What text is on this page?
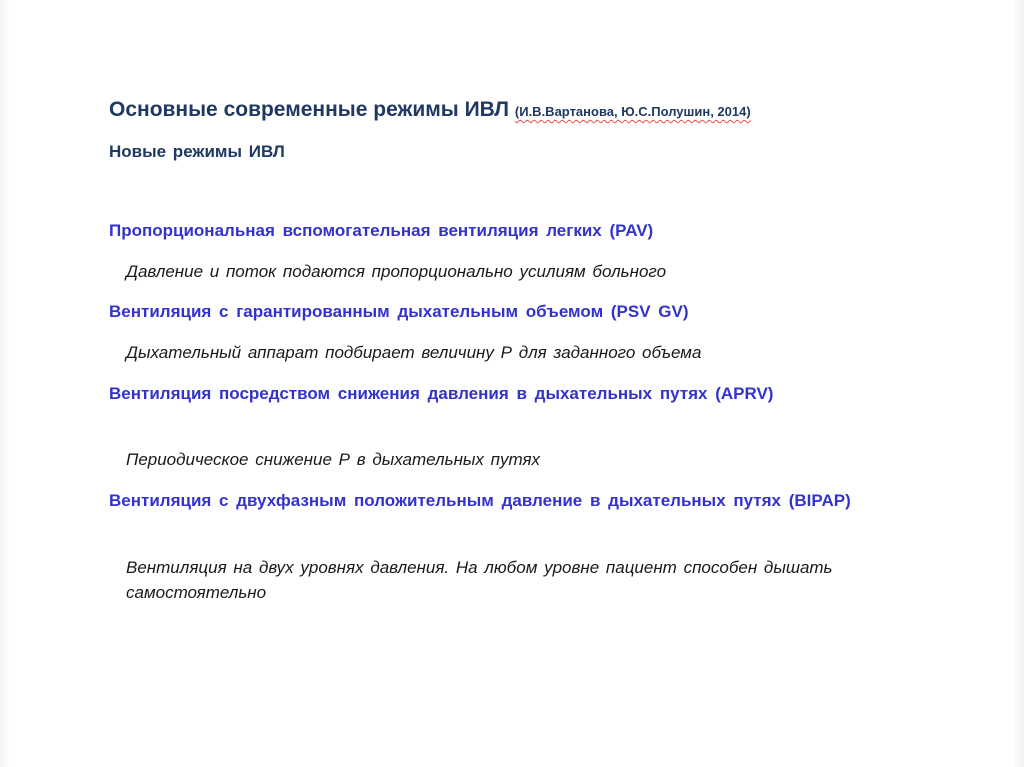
Основные современные режимы ИВЛ (И.В.Вартанова, Ю.С.Полушин, 2014)
Новые режимы ИВЛ
Пропорциональная вспомогательная вентиляция легких (PAV)
Давление и поток подаются пропорционально усилиям больного
Вентиляция с гарантированным дыхательным объемом (PSV GV)
Дыхательный аппарат подбирает величину Р для заданного объема
Вентиляция посредством снижения давления в дыхательных путях (APRV)
Периодическое снижение Р в дыхательных путях
Вентиляция с двухфазным положительным давление в дыхательных путях (BIPAP)
Вентиляция на двух уровнях давления. На любом уровне пациент способен дышать самостоятельно
